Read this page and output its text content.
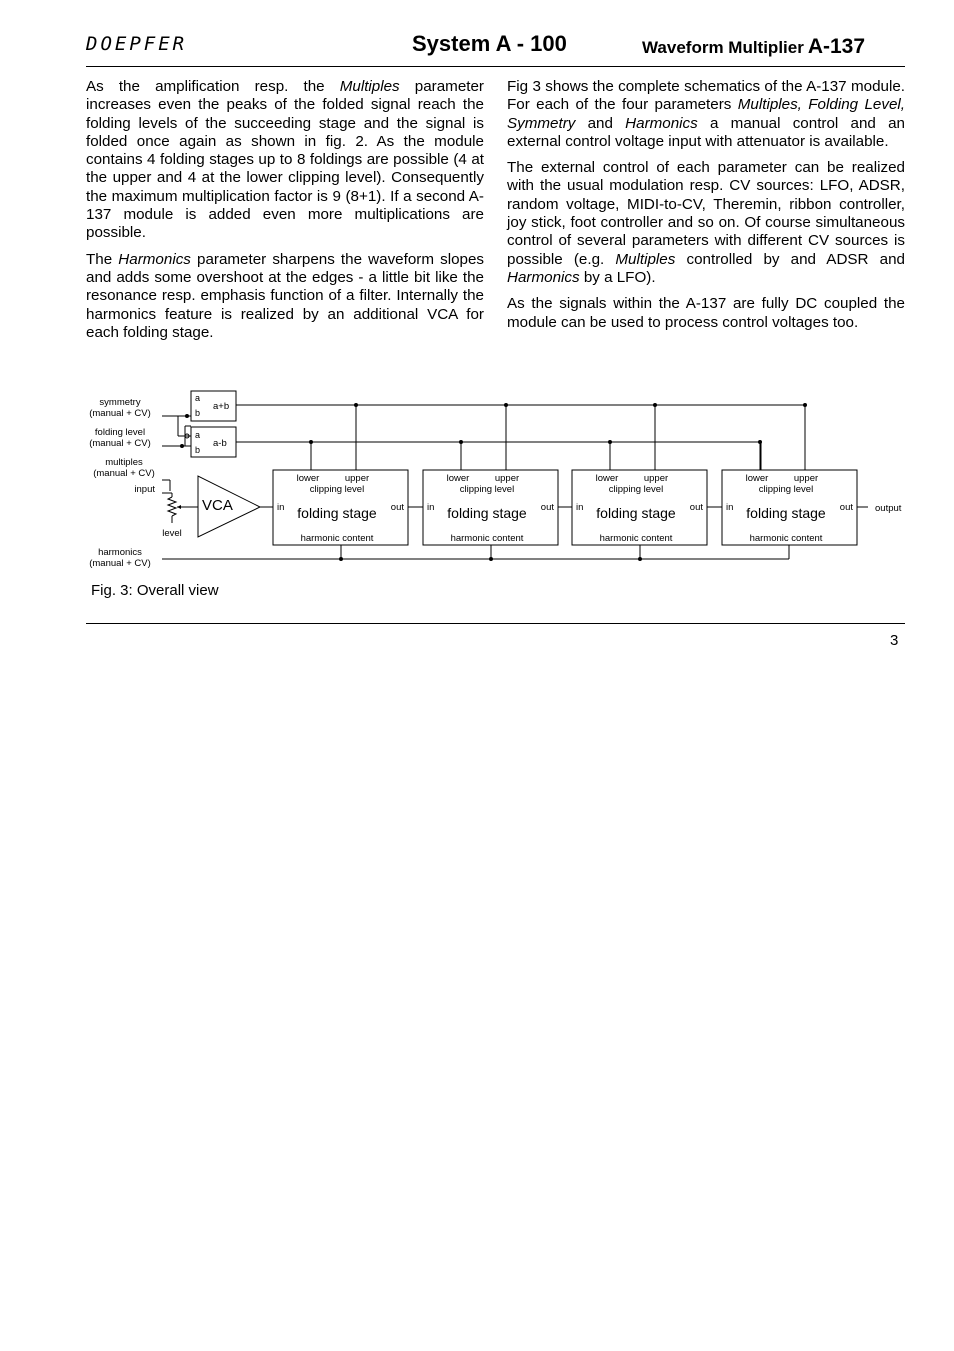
DOEPFER	System A - 100	Waveform Multiplier A-137

As the amplification resp. the Multiples parameter increases even the peaks of the folded signal reach the folding levels of the succeeding stage and the signal is folded once again as shown in fig. 2. As the module contains 4 folding stages up to 8 foldings are possible (4 at the upper and 4 at the lower clipping level). Consequently the maximum multiplication factor is 9 (8+1). If a second A-137 module is added even more multiplications are possible.

The Harmonics parameter sharpens the waveform slopes and adds some overshoot at the edges - a little bit like the resonance resp. emphasis function of a filter. Internally the harmonics feature is realized by an additional VCA for each folding stage.

Fig 3 shows the complete schematics of the A-137 module. For each of the four parameters Multiples, Folding Level, Symmetry and Harmonics a manual control and an external control voltage input with attenuator is available.

The external control of each parameter can be realized with the usual modulation resp. CV sources: LFO, ADSR, random voltage, MIDI-to-CV, Theremin, ribbon controller, joy stick, foot controller and so on. Of course simultaneous control of several parameters with different CV sources is possible (e.g. Multiples controlled by and ADSR and Harmonics by a LFO).

As the signals within the A-137 are fully DC coupled the module can be used to process control voltages too.

lower	upper
clipping level
in	out
folding stage
harmonic content
lower	upper
clipping level
in	out
folding stage
harmonic content
lower	upper
clipping level
in	out
folding stage
harmonic content
lower	upper
clipping level
in	out
folding stage
harmonic content
symmetry
(manual + CV)
folding level
(manual + CV)
multiples
(manual + CV)
input
level
harmonics
(manual + CV)
a
b
a+b
a
b
a-b
VCA	output
Fig. 3: Overall view
3
